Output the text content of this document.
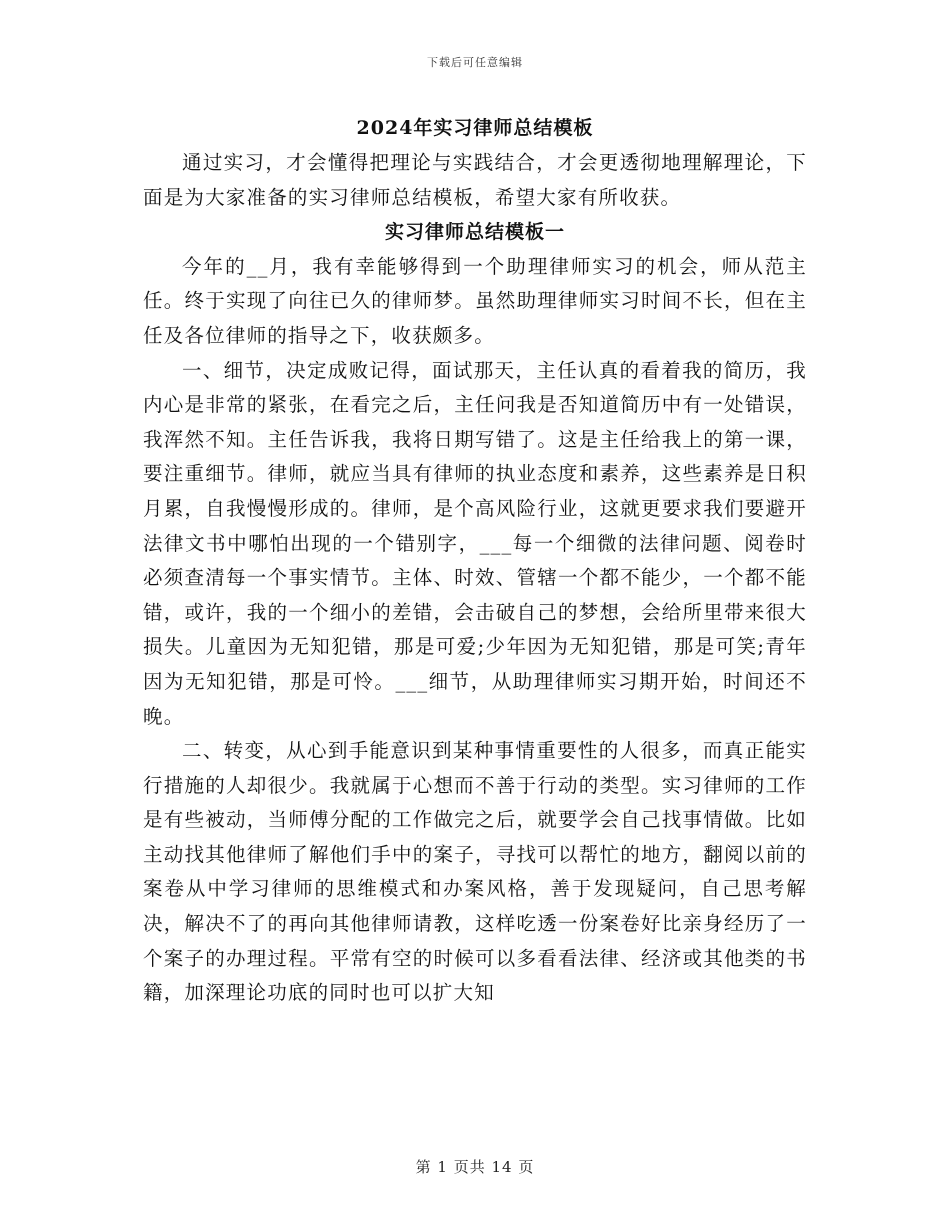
下载后可任意编辑
2024年实习律师总结模板

通过实习，才会懂得把理论与实践结合，才会更透彻地理解理论，下面是为大家准备的实习律师总结模板，希望大家有所收获。

实习律师总结模板一

今年的__月，我有幸能够得到一个助理律师实习的机会，师从范主任。终于实现了向往已久的律师梦。虽然助理律师实习时间不长，但在主任及各位律师的指导之下，收获颇多。

一、细节，决定成败记得，面试那天，主任认真的看着我的简历，我内心是非常的紧张，在看完之后，主任问我是否知道简历中有一处错误，我浑然不知。主任告诉我，我将日期写错了。这是主任给我上的第一课，要注重细节。律师，就应当具有律师的执业态度和素养，这些素养是日积月累，自我慢慢形成的。律师，是个高风险行业，这就更要求我们要避开法律文书中哪怕出现的一个错别字，___每一个细微的法律问题、阅卷时必须查清每一个事实情节。主体、时效、管辖一个都不能少，一个都不能错，或许，我的一个细小的差错，会击破自己的梦想，会给所里带来很大损失。儿童因为无知犯错，那是可爱;少年因为无知犯错，那是可笑;青年因为无知犯错，那是可怜。___细节，从助理律师实习期开始，时间还不晚。

二、转变，从心到手能意识到某种事情重要性的人很多，而真正能实行措施的人却很少。我就属于心想而不善于行动的类型。实习律师的工作是有些被动，当师傅分配的工作做完之后，就要学会自己找事情做。比如主动找其他律师了解他们手中的案子，寻找可以帮忙的地方，翻阅以前的案卷从中学习律师的思维模式和办案风格，善于发现疑问，自己思考解决，解决不了的再向其他律师请教，这样吃透一份案卷好比亲身经历了一个案子的办理过程。平常有空的时候可以多看看法律、经济或其他类的书籍，加深理论功底的同时也可以扩大知

第 1 页共 14 页
